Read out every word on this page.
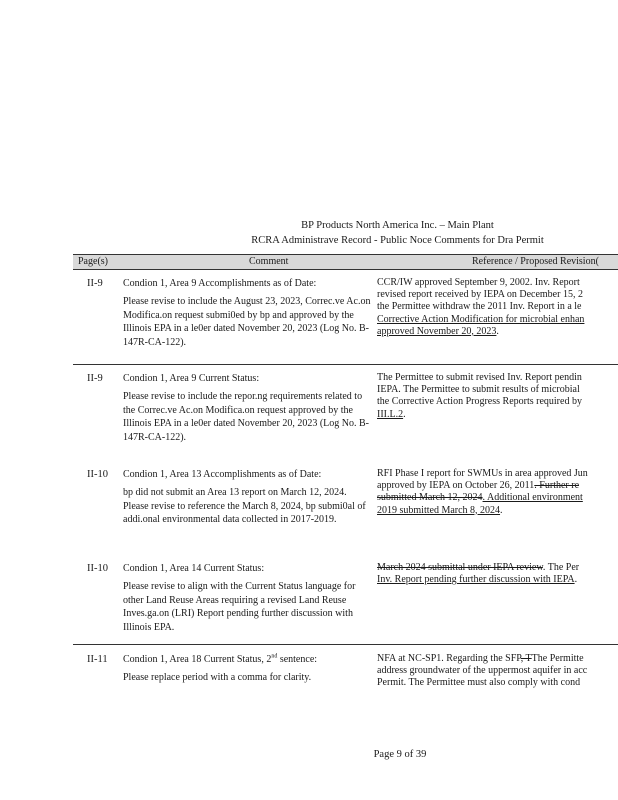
BP Products North America Inc. – Main Plant
RCRA Administrave Record - Public Noce Comments for Dra Permit
Page(s)	Comment	Reference / Proposed Revision(
II-9 Condion 1, Area 9 Accomplishments as of Date:
Please revise to include the August 23, 2023, Correc.ve Ac.on Modifica.on request submi0ed by bp and approved by the Illinois EPA in a le0er dated November 20, 2023 (Log No. B-147R-CA-122).
CCR/IW approved September 9, 2002. Inv. Report
revised report received by IEPA on December 15, 2
the Permittee withdraw the 2011 Inv. Report in a le
Corrective Action Modification for microbial enhan
approved November 20, 2023.
II-9 Condion 1, Area 9 Current Status:
Please revise to include the repor.ng requirements related to the Correc.ve Ac.on Modifica.on request approved by the Illinois EPA in a le0er dated November 20, 2023 (Log No. B-147R-CA-122).
The Permittee to submit revised Inv. Report pendin
IEPA. The Permittee to submit results of microbial
the Corrective Action Progress Reports required by
III.L.2.
II-10 Condion 1, Area 13 Accomplishments as of Date:
bp did not submit an Area 13 report on March 12, 2024. Please revise to reference the March 8, 2024, bp submi0al of addi.onal environmental data collected in 2017-2019.
RFI Phase I report for SWMUs in area approved Jun
approved by IEPA on October 26, 2011. Further re
submitted March 12, 2024. Additional environment
2019 submitted March 8, 2024.
II-10 Condion 1, Area 14 Current Status:
Please revise to align with the Current Status language for other Land Reuse Areas requiring a revised Land Reuse Inves.ga.on (LRI) Report pending further discussion with Illinois EPA.
March 2024 submittal under IEPA review. The Per
Inv. Report pending further discussion with IEPA.
II-11 Condion 1, Area 18 Current Status, 2nd sentence:
Please replace period with a comma for clarity.
NFA at NC-SP1. Regarding the SFP, TThe Permitte
address groundwater of the uppermost aquifer in acc
Permit. The Permittee must also comply with cond
Page 9 of 39
